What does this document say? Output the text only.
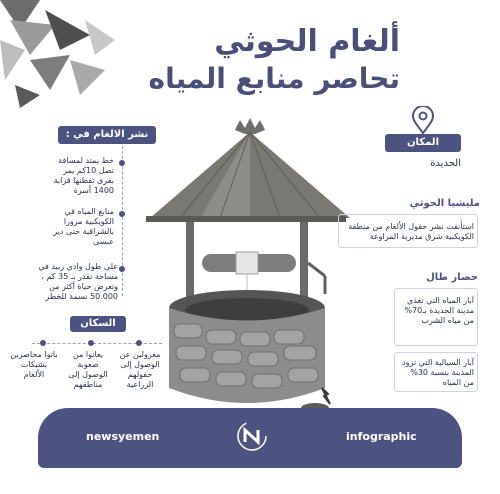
ألغام الحوثي
تحاصر منابع المياه
نشر الالغام في :
خط يمتد لمسافة تصل 10كم يمر بقرى تقطنها قرابة 1400 أسرة
منابع المياه في الكويكبية مرورا بالشراقية حتى دير عبسى
على طول وادي زبيد في مساحة تقدر بـ 35 كم ، وتعرض حياة أكثر من 50.000 نسمة للخطر
السكان
باتوا محاصرين بشبكات الألغام
يعانوا من صعوبة الوصول إلى مناطقهم
معزولين عن الوصول إلى حقولهم الزراعية
المكان
الحديدة
مليشيا الحوثي
استأنفت نشر حقول الألغام من منطقة الكويكبية شرق مديرية المراوعة
حصار طال
آبار المياه التي تغذي مدينة الحديدة بـ70% من مياه الشرب
آبار السيالية التي تزود المدينة بنسبة 30% من المياه
newsyemen	infographic
